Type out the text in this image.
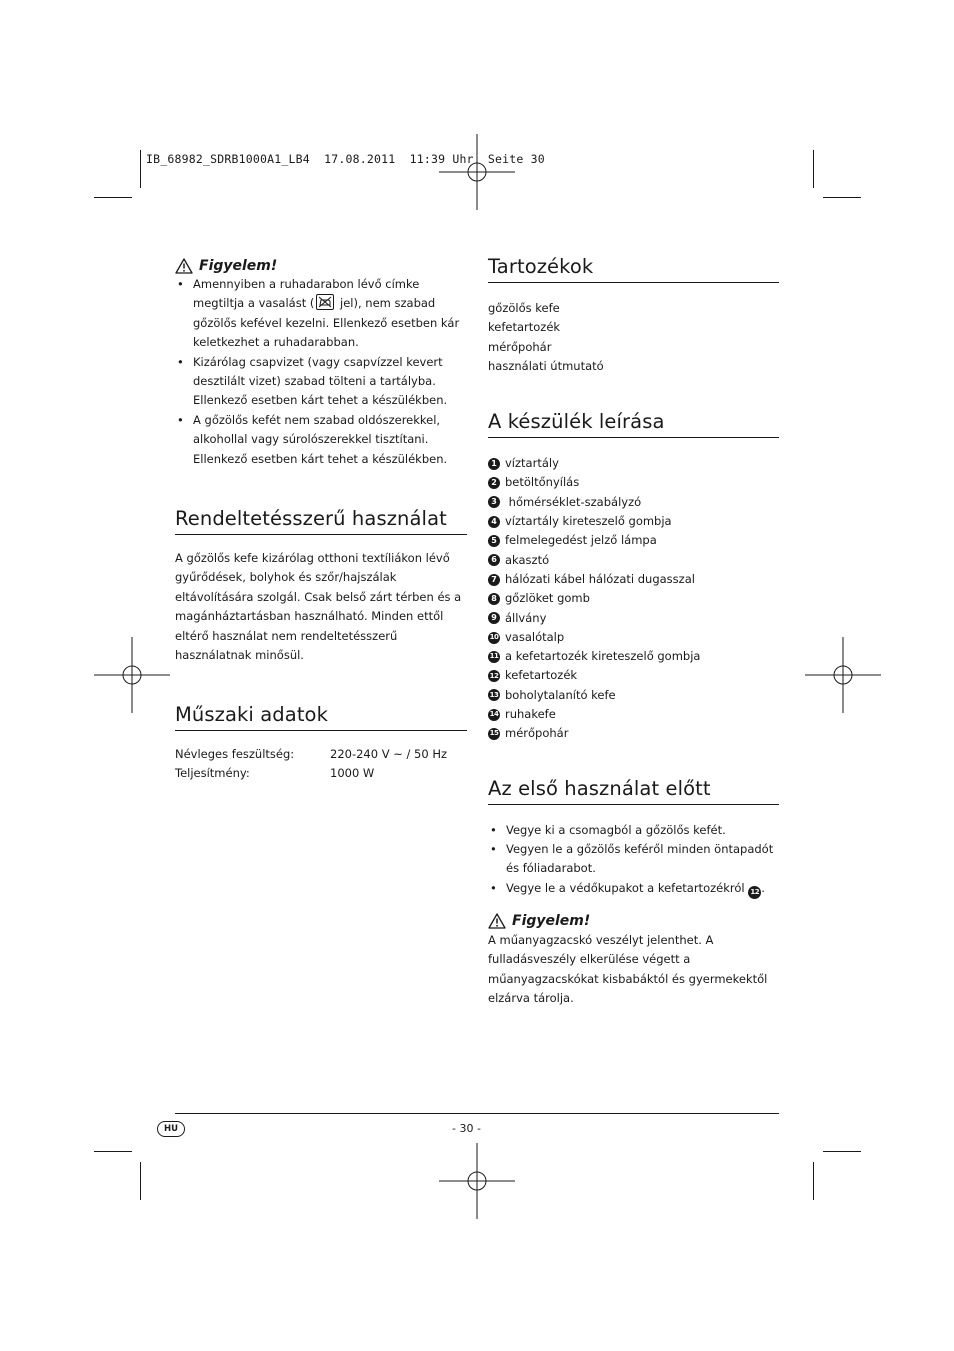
IB_68982_SDRB1000A1_LB4  17.08.2011  11:39 Uhr  Seite 30
Figyelem!
• Amennyiben a ruhadarabon lévő címke megtiltja a vasalást (
jel), nem szabad gőzölős kefével kezelni. Ellenkező esetben kár keletkezhet a ruhadarabban.
• Kizárólag csapvizet (vagy csapvízzel kevert desztilált vizet) szabad tölteni a tartályba. Ellenkező esetben kárt tehet a készülékben.
• A gőzölős kefét nem szabad oldószerekkel, alkohollal vagy súrolószerekkel tisztítani. Ellenkező esetben kárt tehet a készülékben.
Rendeltetésszerű használat
A gőzölős kefe kizárólag otthoni textíliákon lévő gyűrődések, bolyhok és szőr/hajszálak eltávolítására szolgál. Csak belső zárt térben és a magánháztartásban használható. Minden ettől eltérő használat nem rendeltetésszerű használatnak minősül.
Műszaki adatok
Névleges feszültség:	220-240 V ~ / 50 Hz
Teljesítmény:	1000 W
Tartozékok
gőzölős kefe
kefetartozék
mérőpohár
használati útmutató
A készülék leírása
1 víztartály
2 betöltőnyílás
3 hőmérséklet-szabályzó
4 víztartály kireteszelő gombja
5 felmelegedést jelző lámpa
6 akasztó
7 hálózati kábel hálózati dugasszal
8 gőzlöket gomb
9 állvány
10 vasalótalp
11 a kefetartozék kireteszelő gombja
12 kefetartozék
13 boholytalanító kefe
14 ruhakefe
15 mérőpohár
Az első használat előtt
• Vegye ki a csomagból a gőzölős kefét.
• Vegyen le a gőzölős keféről minden öntapadót és fóliadarabot.
• Vegye le a védőkupakot a kefetartozékról 12 .
Figyelem!
A műanyagzacskó veszélyt jelenthet. A fulladásveszély elkerülése végett a műanyagzacskókat kisbabáktól és gyermekektől elzárva tárolja.
HU	- 30 -
